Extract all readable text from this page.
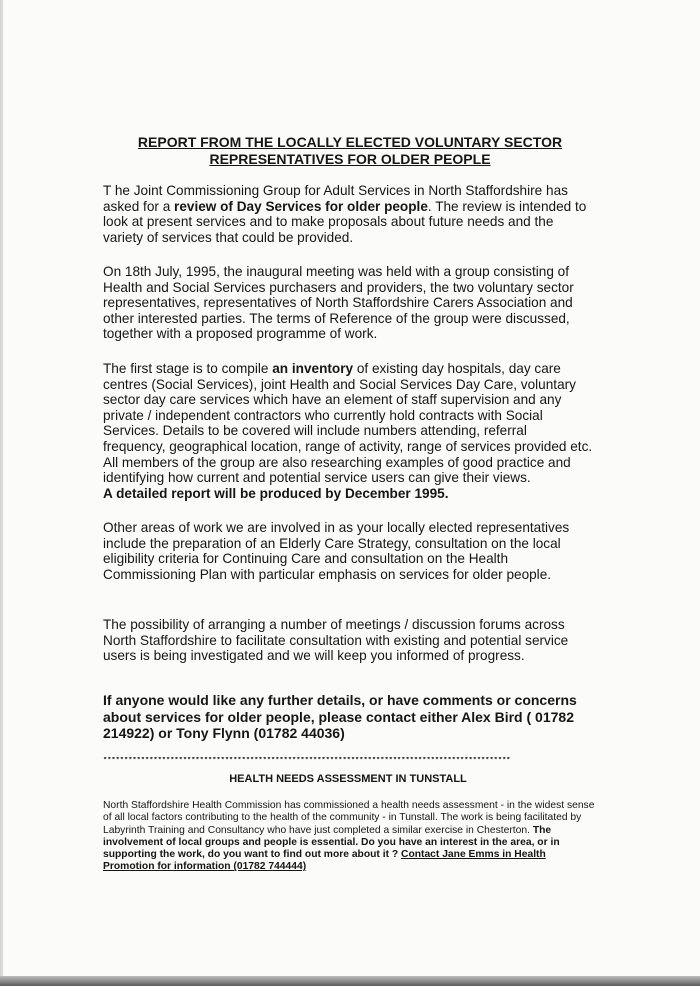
REPORT FROM THE LOCALLY ELECTED VOLUNTARY SECTOR
REPRESENTATIVES FOR OLDER PEOPLE
T he Joint Commissioning Group for Adult Services in North Staffordshire has asked for a review of Day Services for older people. The review is intended to look at present services and to make proposals about future needs and the variety of services that could be provided.
On 18th July, 1995, the inaugural meeting was held with a group consisting of Health and Social Services purchasers and providers, the two voluntary sector representatives, representatives of North Staffordshire Carers Association and other interested parties. The terms of Reference of the group were discussed, together with a proposed programme of work.
The first stage is to compile an inventory of existing day hospitals, day care centres (Social Services), joint Health and Social Services Day Care, voluntary sector day care services which have an element of staff supervision and any private / independent contractors who currently hold contracts with Social Services. Details to be covered will include numbers attending, referral frequency, geographical location, range of activity, range of services provided etc. All members of the group are also researching examples of good practice and identifying how current and potential service users can give their views.
A detailed report will be produced by December 1995.
Other areas of work we are involved in as your locally elected representatives include the preparation of an Elderly Care Strategy, consultation on the local eligibility criteria for Continuing Care and consultation on the Health Commissioning Plan with particular emphasis on services for older people.
The possibility of arranging a number of meetings / discussion forums across North Staffordshire to facilitate consultation with existing and potential service users is being investigated and we will keep you informed of progress.
If anyone would like any further details, or have comments or concerns about services for older people, please contact either Alex Bird ( 01782 214922) or Tony Flynn (01782 44036)
*************************************************************************************************
HEALTH NEEDS ASSESSMENT IN TUNSTALL
North Staffordshire Health Commission has commissioned a health needs assessment - in the widest sense of all local factors contributing to the health of the community - in Tunstall. The work is being facilitated by Labyrinth Training and Consultancy who have just completed a similar exercise in Chesterton. The involvement of local groups and people is essential. Do you have an interest in the area, or in supporting the work, do you want to find out more about it ? Contact Jane Emms in Health Promotion for information (01782 744444)
